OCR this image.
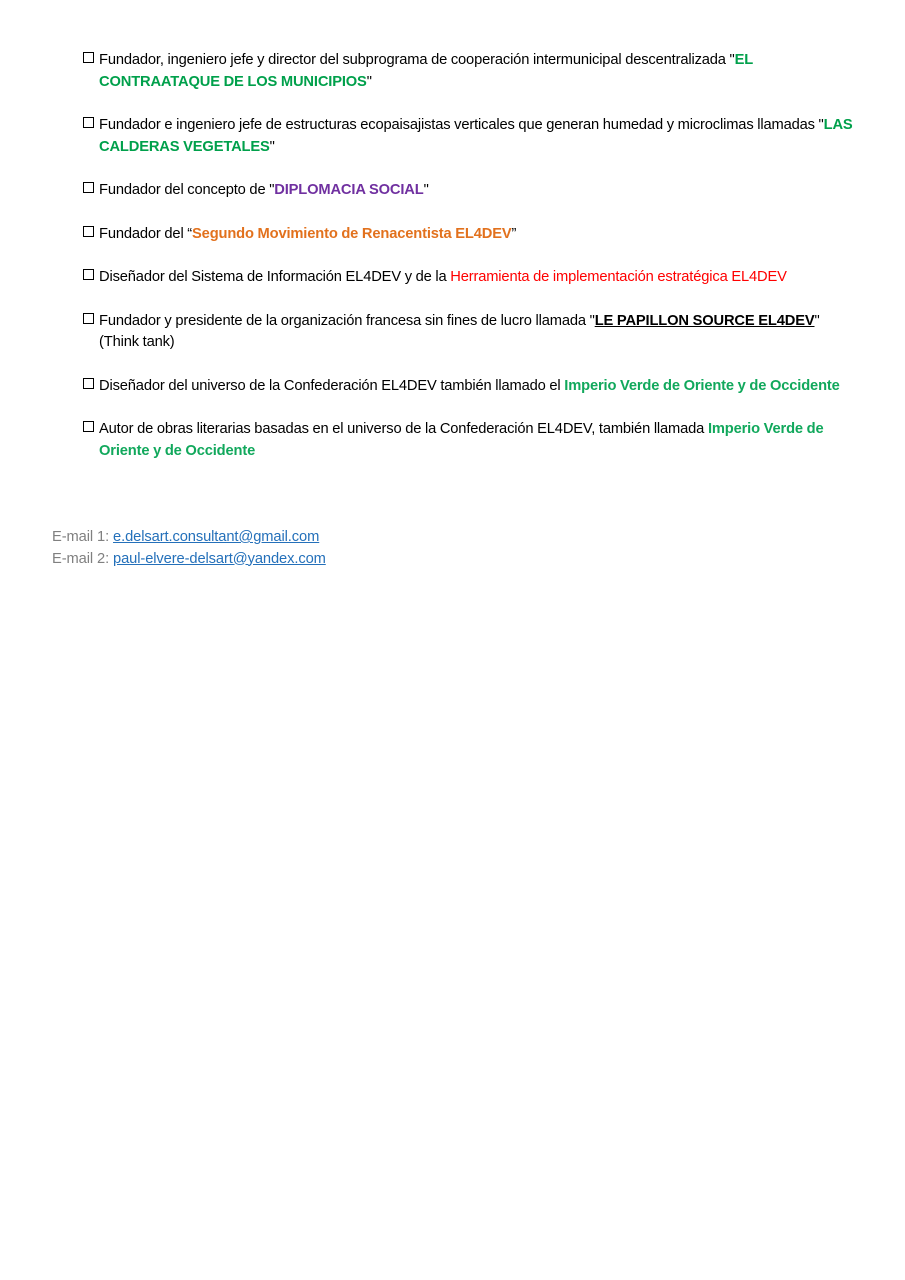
Fundador, ingeniero jefe y director del subprograma de cooperación intermunicipal descentralizada "EL CONTRAATAQUE DE LOS MUNICIPIOS"
Fundador e ingeniero jefe de estructuras ecopaisajistas verticales que generan humedad y microclimas llamadas "LAS CALDERAS VEGETALES"
Fundador del concepto de "DIPLOMACIA SOCIAL"
Fundador del “Segundo Movimiento de Renacentista EL4DEV”
Diseñador del Sistema de Información EL4DEV y de la Herramienta de implementación estratégica EL4DEV
Fundador y presidente de la organización francesa sin fines de lucro llamada "LE PAPILLON SOURCE EL4DEV" (Think tank)
Diseñador del universo de la Confederación EL4DEV también llamado el Imperio Verde de Oriente y de Occidente
Autor de obras literarias basadas en el universo de la Confederación EL4DEV, también llamada Imperio Verde de Oriente y de Occidente
E-mail 1: e.delsart.consultant@gmail.com
E-mail 2: paul-elvere-delsart@yandex.com
